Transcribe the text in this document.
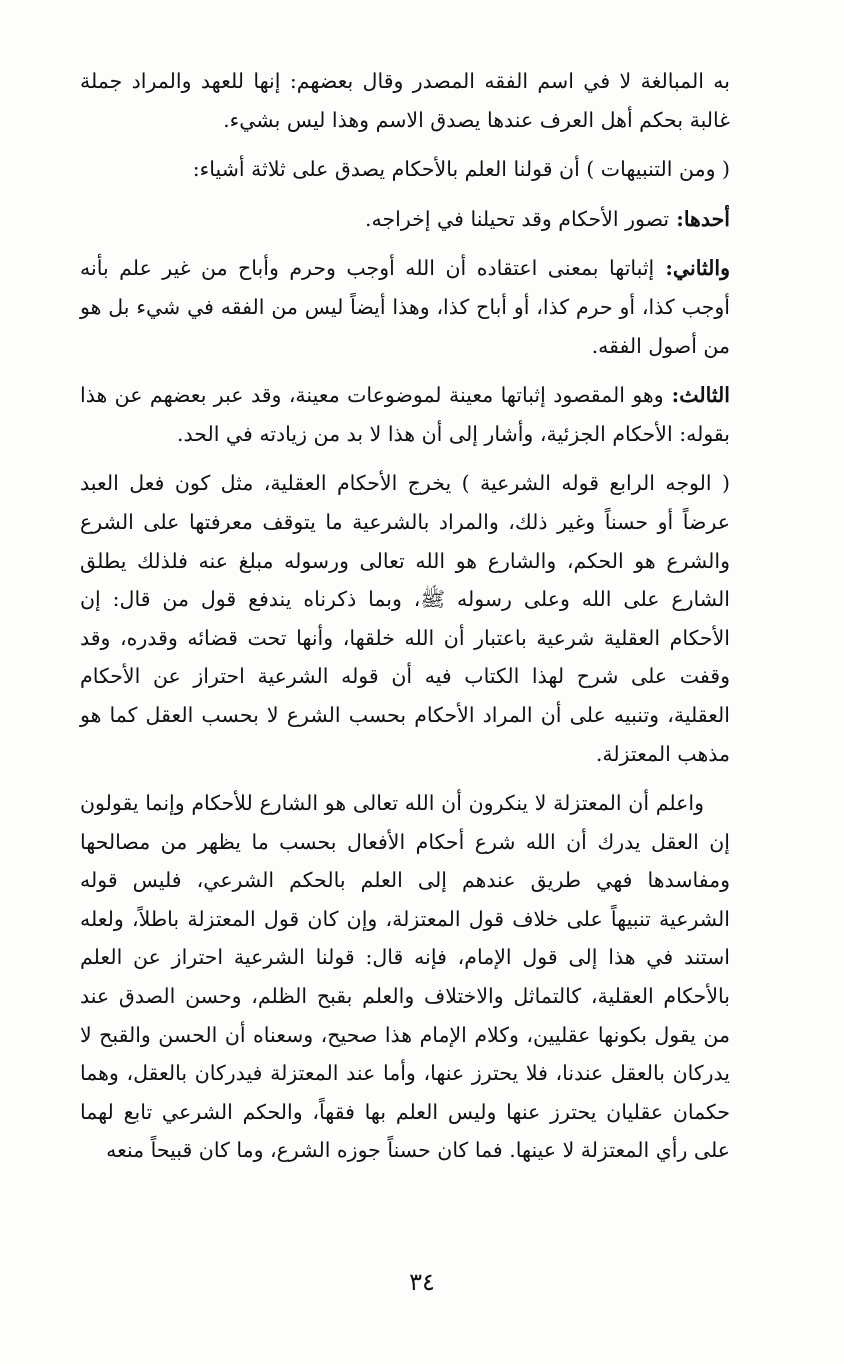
به المبالغة لا في اسم الفقه المصدر وقال بعضهم: إنها للعهد والمراد جملة غالبة بحكم أهل العرف عندها يصدق الاسم وهذا ليس بشيء.

( ومن التنبيهات ) أن قولنا العلم بالأحكام يصدق على ثلاثة أشياء:

أحدها: تصور الأحكام وقد تحيلنا في إخراجه.

والثاني: إثباتها بمعنى اعتقاده أن الله أوجب وحرم وأباح من غير علم بأنه أوجب كذا، أو حرم كذا، أو أباح كذا، وهذا أيضاً ليس من الفقه في شيء بل هو من أصول الفقه.

الثالث: وهو المقصود إثباتها معينة لموضوعات معينة، وقد عبر بعضهم عن هذا بقوله: الأحكام الجزئية، وأشار إلى أن هذا لا بد من زيادته في الحد.

( الوجه الرابع قوله الشرعية ) يخرج الأحكام العقلية، مثل كون فعل العبد عرضاً أو حسناً وغير ذلك، والمراد بالشرعية ما يتوقف معرفتها على الشرع والشرع هو الحكم، والشارع هو الله تعالى ورسوله مبلغ عنه فلذلك يطلق الشارع على الله وعلى رسوله ﷺ، وبما ذكرناه يندفع قول من قال: إن الأحكام العقلية شرعية باعتبار أن الله خلقها، وأنها تحت قضائه وقدره، وقد وقفت على شرح لهذا الكتاب فيه أن قوله الشرعية احتراز عن الأحكام العقلية، وتنبيه على أن المراد الأحكام بحسب الشرع لا بحسب العقل كما هو مذهب المعتزلة.

واعلم أن المعتزلة لا ينكرون أن الله تعالى هو الشارع للأحكام وإنما يقولون إن العقل يدرك أن الله شرع أحكام الأفعال بحسب ما يظهر من مصالحها ومفاسدها فهي طريق عندهم إلى العلم بالحكم الشرعي، فليس قوله الشرعية تنبيهاً على خلاف قول المعتزلة، وإن كان قول المعتزلة باطلاً، ولعله استند في هذا إلى قول الإمام، فإنه قال: قولنا الشرعية احتراز عن العلم بالأحكام العقلية، كالتماثل والاختلاف والعلم بقبح الظلم، وحسن الصدق عند من يقول بكونها عقليين، وكلام الإمام هذا صحيح، وسعناه أن الحسن والقبح لا يدركان بالعقل عندنا، فلا يحترز عنها، وأما عند المعتزلة فيدركان بالعقل، وهما حكمان عقليان يحترز عنها وليس العلم بها فقهاً، والحكم الشرعي تابع لهما على رأي المعتزلة لا عينها. فما كان حسناً جوزه الشرع، وما كان قبيحاً منعه

٣٤
